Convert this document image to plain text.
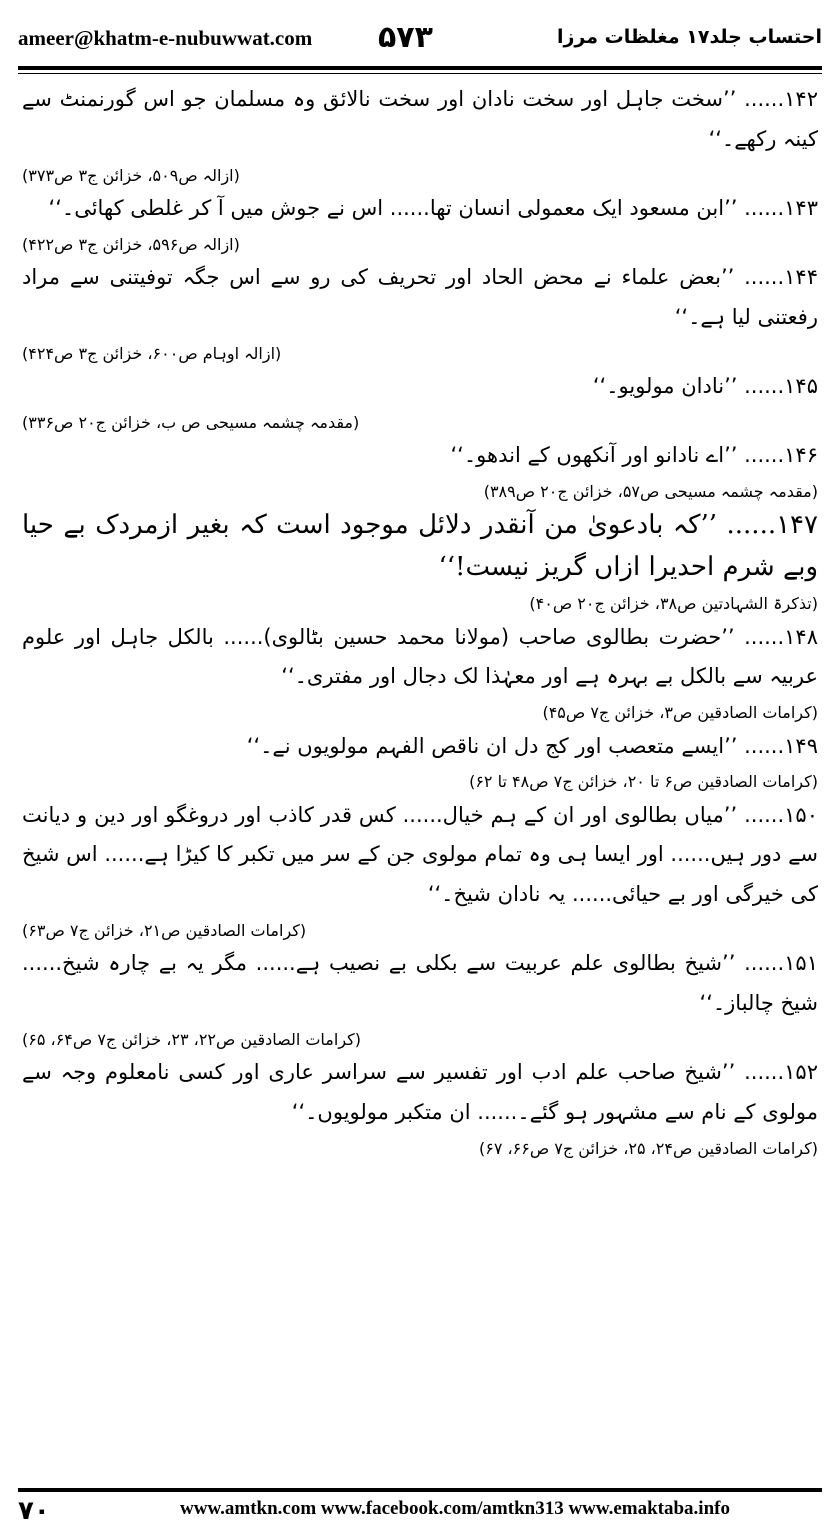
ameer@khatm-e-nubuwwat.com ۵۷۳	احتساب جلد۱۷ مغلظات مرزا
۱۴۲...... ’’سخت جاہل اور سخت نادان اور سخت نالائق وہ مسلمان جو اس گورنمنٹ سے کینہ رکھے۔‘‘
(ازالہ ص۵۰۹، خزائن ج۳ ص۳۷۳)
۱۴۳...... ’’ابن مسعود ایک معمولی انسان تھا...... اس نے جوش میں آ کر غلطی کھائی۔‘‘
(ازالہ ص۵۹۶، خزائن ج۳ ص۴۲۲)
۱۴۴...... ’’بعض علماء نے محض الحاد اور تحریف کی رو سے اس جگہ توفیتنی سے مراد رفعتنی لیا ہے۔‘‘
(ازالہ اوہام ص۶۰۰، خزائن ج۳ ص۴۲۴)
۱۴۵...... ’’نادان مولویو۔‘‘
(مقدمہ چشمہ مسیحی ص ب، خزائن ج۲۰ ص۳۳۶)
۱۴۶...... ’’اے نادانو اور آنکھوں کے اندھو۔‘‘
(مقدمہ چشمہ مسیحی ص۵۷، خزائن ج۲۰ ص۳۸۹)
۱۴۷...... ’’کہ بادعویٰ من آنقدر دلائل موجود است کہ بغیر ازمردک بے حیا وبے شرم احدیرا ازاں گریز نیست!‘‘
(تذکرۃ الشہادتین ص۳۸، خزائن ج۲۰ ص۴۰)
۱۴۸...... ’’حضرت بطالوی صاحب (مولانا محمد حسین بٹالوی)...... بالکل جاہل اور علوم عربیہ سے بالکل بے بہرہ ہے اور معہٰذا لک دجال اور مفتری۔‘‘
(کرامات الصادقین ص۳، خزائن ج۷ ص۴۵)
۱۴۹...... ’’ایسے متعصب اور کج دل ان ناقص الفہم مولویوں نے۔‘‘
(کرامات الصادقین ص۶ تا ۲۰، خزائن ج۷ ص۴۸ تا ۶۲)
۱۵۰...... ’’میاں بطالوی اور ان کے ہم خیال...... کس قدر کاذب اور دروغگو اور دین و دیانت سے دور ہیں...... اور ایسا ہی وہ تمام مولوی جن کے سر میں تکبر کا کیڑا ہے...... اس شیخ کی خیرگی اور بے حیائی...... یہ نادان شیخ۔‘‘
(کرامات الصادقین ص۲۱، خزائن ج۷ ص۶۳)
۱۵۱...... ’’شیخ بطالوی علم عربیت سے بکلی بے نصیب ہے...... مگر یہ بے چارہ شیخ...... شیخ چالباز۔‘‘
(کرامات الصادقین ص۲۲، ۲۳، خزائن ج۷ ص۶۴، ۶۵)
۱۵۲...... ’’شیخ صاحب علم ادب اور تفسیر سے سراسر عاری اور کسی نامعلوم وجہ سے مولوی کے نام سے مشہور ہو گئے۔...... ان متکبر مولویوں۔‘‘
(کرامات الصادقین ص۲۴، ۲۵، خزائن ج۷ ص۶۶، ۶۷)
۷۰	www.amtkn.com www.facebook.com/amtkn313 www.emaktaba.info
